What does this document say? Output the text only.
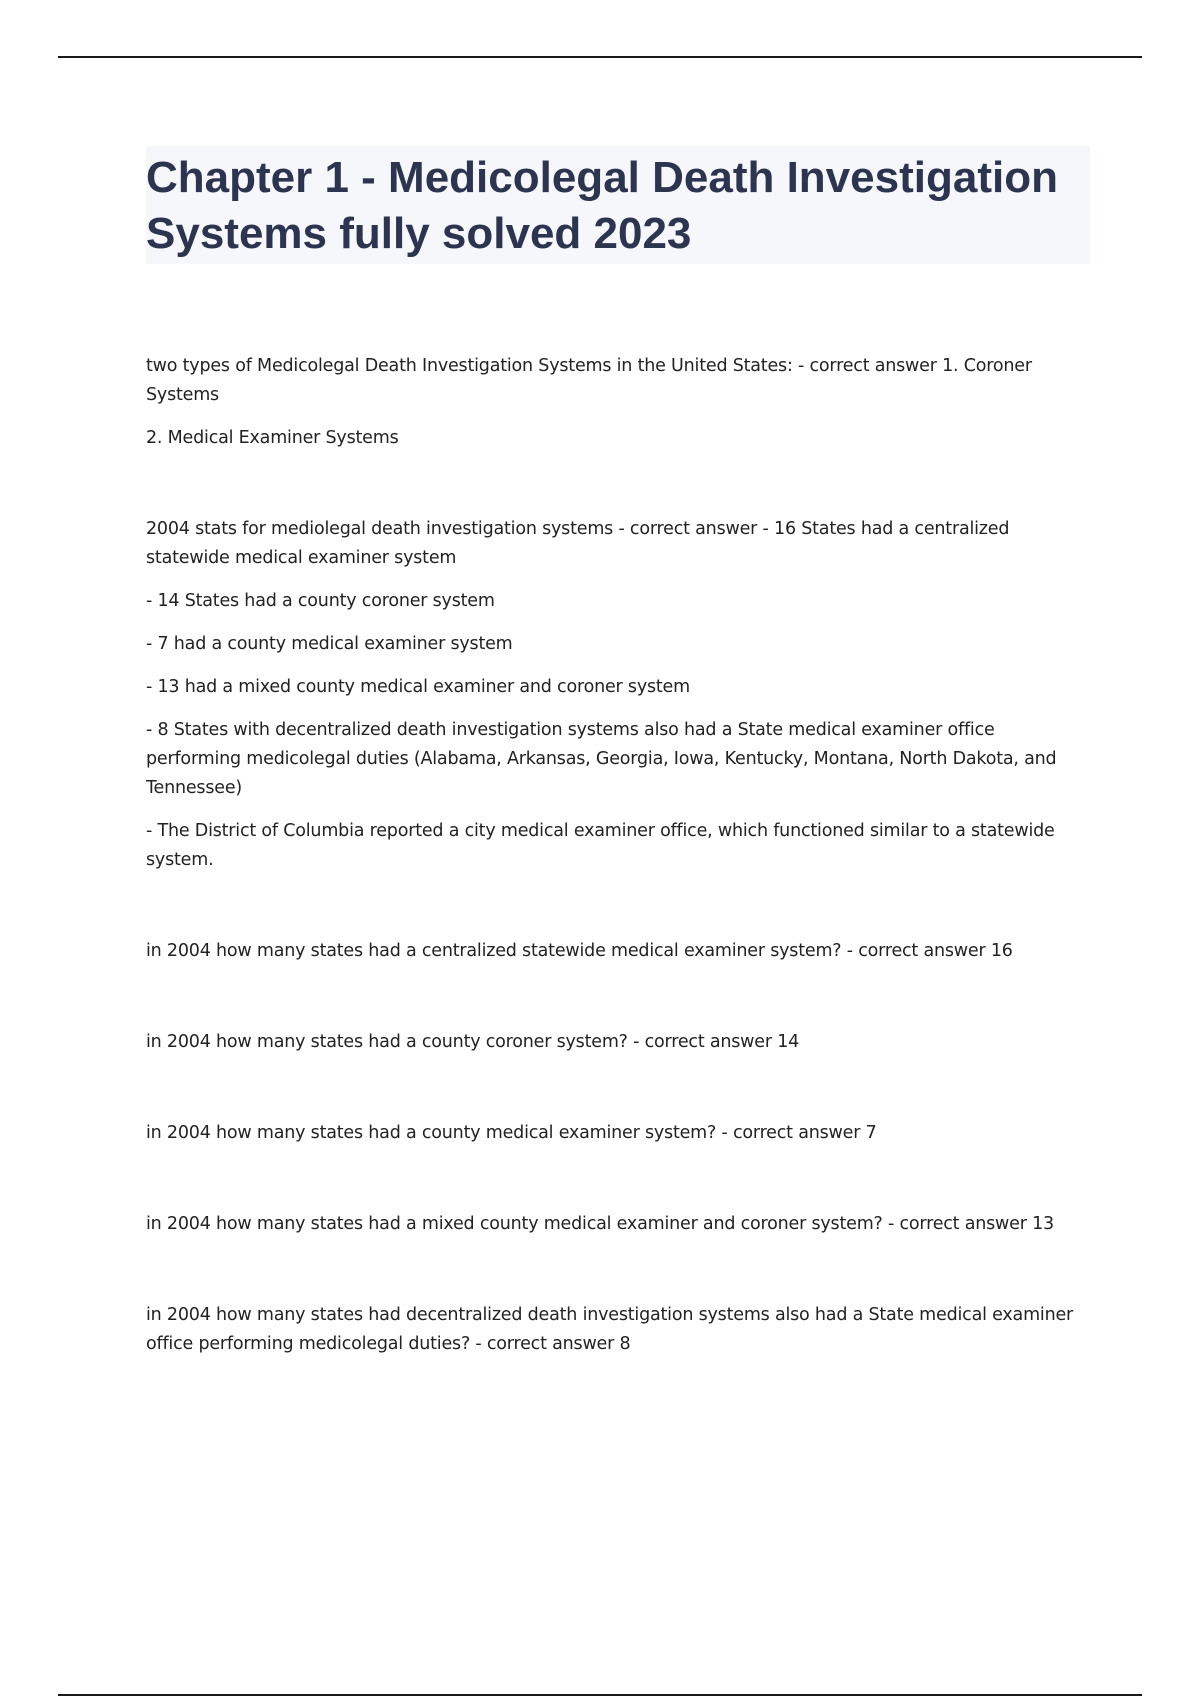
Chapter 1 - Medicolegal Death Investigation Systems fully solved 2023

two types of Medicolegal Death Investigation Systems in the United States: - correct answer 1. Coroner Systems

2. Medical Examiner Systems

2004 stats for mediolegal death investigation systems - correct answer - 16 States had a centralized statewide medical examiner system

- 14 States had a county coroner system

- 7 had a county medical examiner system

- 13 had a mixed county medical examiner and coroner system

- 8 States with decentralized death investigation systems also had a State medical examiner office performing medicolegal duties (Alabama, Arkansas, Georgia, Iowa, Kentucky, Montana, North Dakota, and Tennessee)

- The District of Columbia reported a city medical examiner office, which functioned similar to a statewide system.

in 2004 how many states had a centralized statewide medical examiner system? - correct answer 16

in 2004 how many states had a county coroner system? - correct answer 14

in 2004 how many states had a county medical examiner system? - correct answer 7

in 2004 how many states had a mixed county medical examiner and coroner system? - correct answer 13

in 2004 how many states had decentralized death investigation systems also had a State medical examiner office performing medicolegal duties? - correct answer 8
